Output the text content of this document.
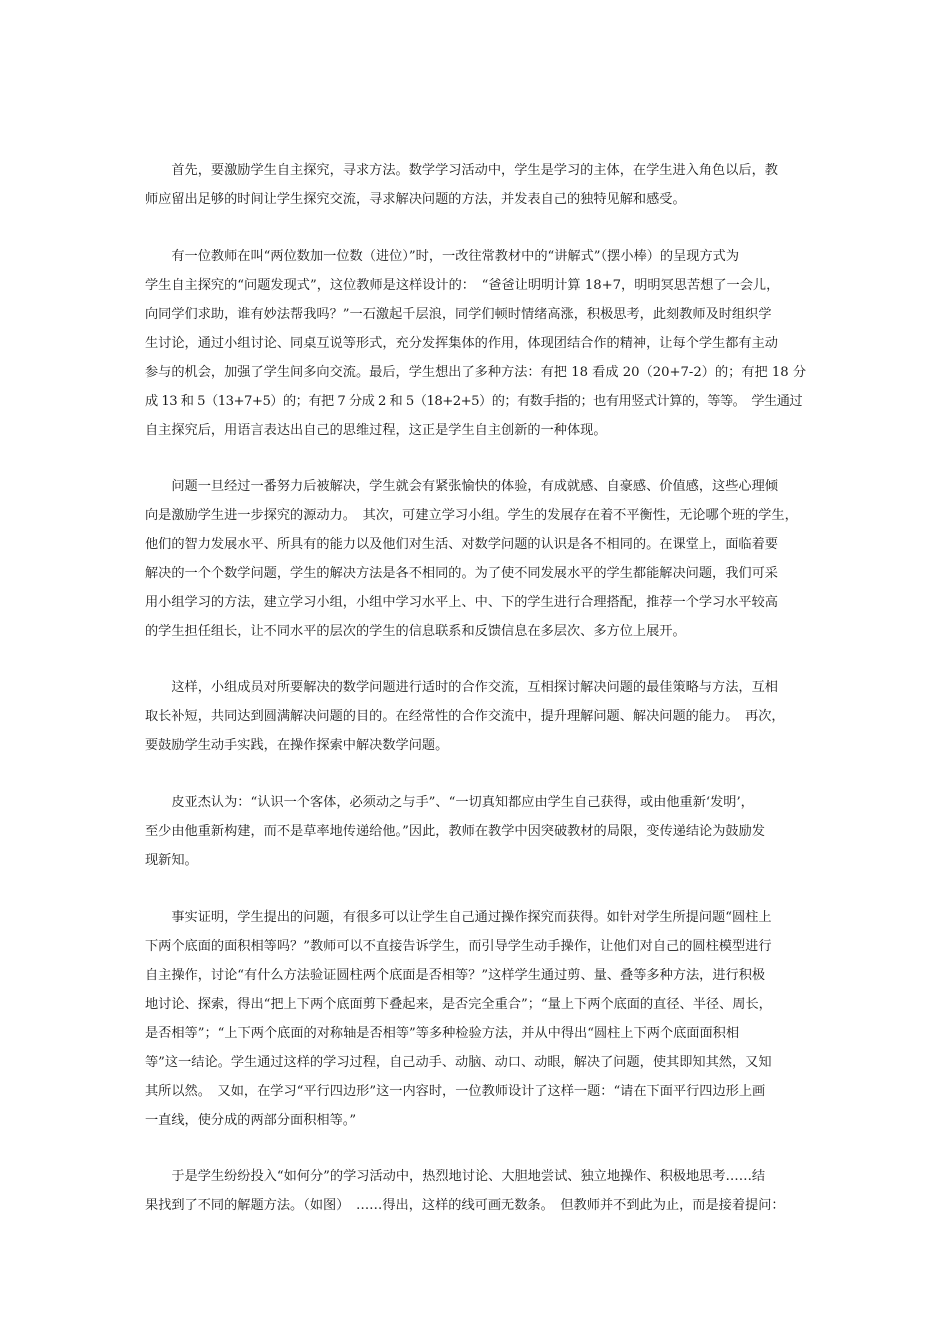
　　首先，要激励学生自主探究，寻求方法。数学学习活动中，学生是学习的主体，在学生进入角色以后，教
师应留出足够的时间让学生探究交流，寻求解决问题的方法，并发表自己的独特见解和感受。
　　有一位教师在叫“两位数加一位数（进位）”时，一改往常教材中的“讲解式”（摆小棒）的呈现方式为
学生自主探究的“问题发现式”，这位教师是这样设计的：　“爸爸让明明计算 18+7，明明冥思苦想了一会儿，
向同学们求助，谁有妙法帮我吗？”一石激起千层浪，同学们顿时情绪高涨，积极思考，此刻教师及时组织学
生讨论，通过小组讨论、同桌互说等形式，充分发挥集体的作用，体现团结合作的精神，让每个学生都有主动
参与的机会，加强了学生间多向交流。最后，学生想出了多种方法：有把 18 看成 20（20+7-2）的；有把 18 分
成 13 和 5（13+7+5）的；有把 7 分成 2 和 5（18+2+5）的；有数手指的；也有用竖式计算的，等等。　学生通过
自主探究后，用语言表达出自己的思维过程，这正是学生自主创新的一种体现。
　　问题一旦经过一番努力后被解决，学生就会有紧张愉快的体验，有成就感、自豪感、价值感，这些心理倾
向是激励学生进一步探究的源动力。　其次，可建立学习小组。学生的发展存在着不平衡性，无论哪个班的学生，
他们的智力发展水平、所具有的能力以及他们对生活、对数学问题的认识是各不相同的。在课堂上，面临着要
解决的一个个数学问题，学生的解决方法是各不相同的。为了使不同发展水平的学生都能解决问题，我们可采
用小组学习的方法，建立学习小组，小组中学习水平上、中、下的学生进行合理搭配，推荐一个学习水平较高
的学生担任组长，让不同水平的层次的学生的信息联系和反馈信息在多层次、多方位上展开。
　　这样，小组成员对所要解决的数学问题进行适时的合作交流，互相探讨解决问题的最佳策略与方法，互相
取长补短，共同达到圆满解决问题的目的。在经常性的合作交流中，提升理解问题、解决问题的能力。　再次，
要鼓励学生动手实践，在操作探索中解决数学问题。
　　皮亚杰认为：“认识一个客体，必须动之与手”、“一切真知都应由学生自己获得，或由他重新‘发明’，
至少由他重新构建，而不是草率地传递给他。”因此，教师在教学中因突破教材的局限，变传递结论为鼓励发
现新知。
　　事实证明，学生提出的问题，有很多可以让学生自己通过操作探究而获得。如针对学生所提问题“圆柱上
下两个底面的面积相等吗？”教师可以不直接告诉学生，而引导学生动手操作，让他们对自己的圆柱模型进行
自主操作，讨论“有什么方法验证圆柱两个底面是否相等？”这样学生通过剪、量、叠等多种方法，进行积极
地讨论、探索，得出“把上下两个底面剪下叠起来，是否完全重合”；“量上下两个底面的直径、半径、周长，
是否相等”；“上下两个底面的对称轴是否相等”等多种检验方法，并从中得出“圆柱上下两个底面面积相
等”这一结论。学生通过这样的学习过程，自己动手、动脑、动口、动眼，解决了问题，使其即知其然，又知
其所以然。　又如，在学习“平行四边形”这一内容时，一位教师设计了这样一题：“请在下面平行四边形上画
一直线，使分成的两部分面积相等。”
　　于是学生纷纷投入“如何分”的学习活动中，热烈地讨论、大胆地尝试、独立地操作、积极地思考……结
果找到了不同的解题方法。（如图）　……得出，这样的线可画无数条。　但教师并不到此为止，而是接着提问：
